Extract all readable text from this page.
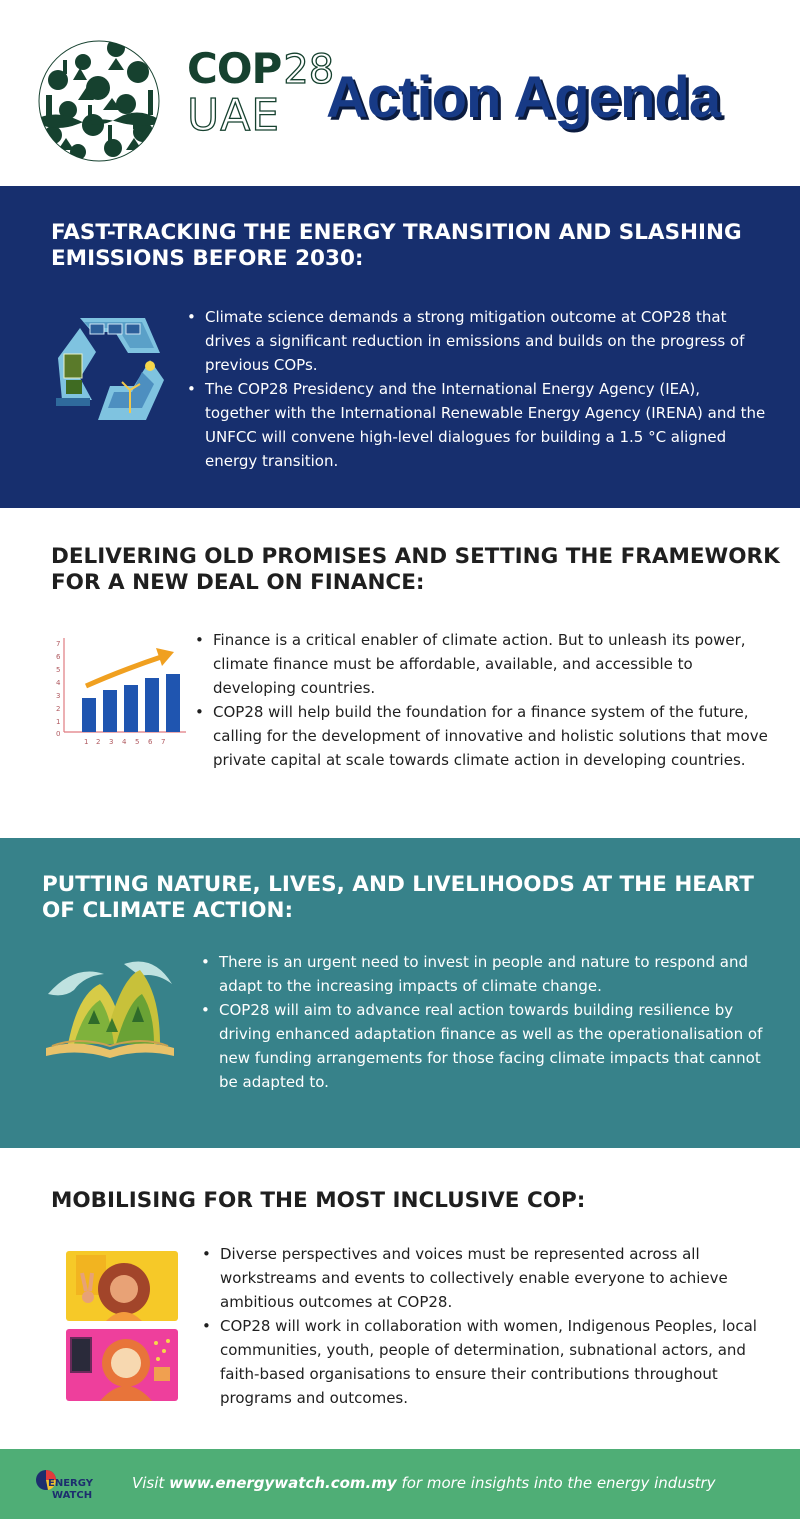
COP 28
UAE Action Agenda
FAST-TRACKING THE ENERGY TRANSITION AND SLASHING EMISSIONS BEFORE 2030:
• Climate science demands a strong mitigation outcome at COP28 that drives a significant reduction in emissions and builds on the progress of previous COPs.
• The COP28 Presidency and the International Energy Agency (IEA), together with the International Renewable Energy Agency (IRENA) and the UNFCC will convene high-level dialogues for building a 1.5 °C aligned energy transition.
DELIVERING OLD PROMISES AND SETTING THE FRAMEWORK FOR A NEW DEAL ON FINANCE:
0
1
2
3
4
5
6
7
1 2 3 4 5 6 7
• Finance is a critical enabler of climate action. But to unleash its power, climate finance must be affordable, available, and accessible to developing countries.
• COP28 will help build the foundation for a finance system of the future, calling for the development of innovative and holistic solutions that move private capital at scale towards climate action in developing countries.
PUTTING NATURE, LIVES, AND LIVELIHOODS AT THE HEART OF CLIMATE ACTION:
• There is an urgent need to invest in people and nature to respond and adapt to the increasing impacts of climate change.
• COP28 will aim to advance real action towards building resilience by driving enhanced adaptation finance as well as the operationalisation of new funding arrangements for those facing climate impacts that cannot be adapted to.
MOBILISING FOR THE MOST INCLUSIVE COP:
• Diverse perspectives and voices must be represented across all workstreams and events to collectively enable everyone to achieve ambitious outcomes at COP28.
• COP28 will work in collaboration with women, Indigenous Peoples, local communities, youth, people of determination, subnational actors, and faith-based organisations to ensure their contributions throughout programs and outcomes.
ENERGY
WATCH
Visit www.energywatch.com.my for more insights into the energy industry
